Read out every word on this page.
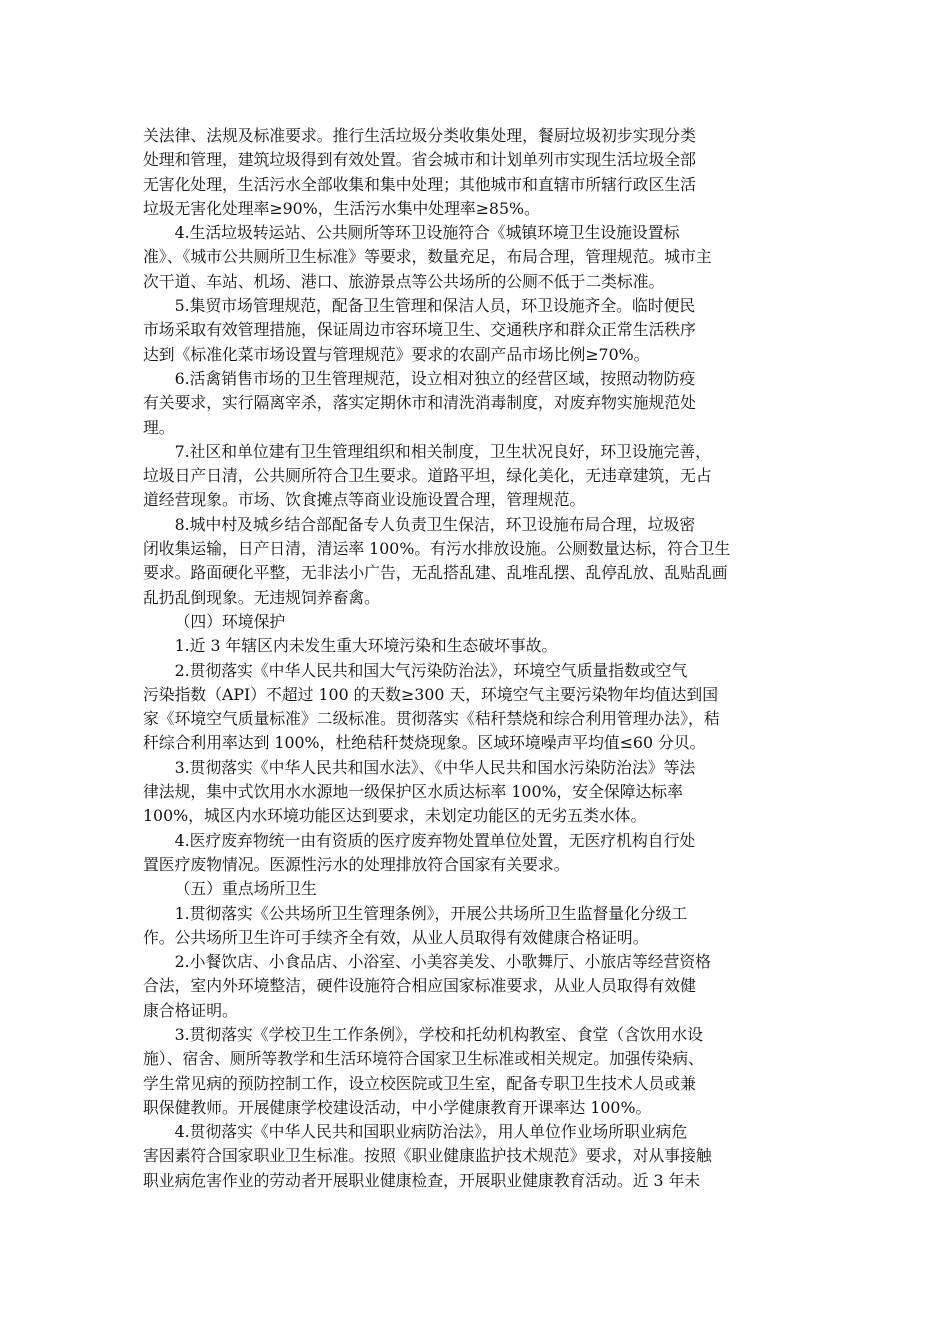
关法律、法规及标准要求。推行生活垃圾分类收集处理，餐厨垃圾初步实现分类
处理和管理，建筑垃圾得到有效处置。省会城市和计划单列市实现生活垃圾全部
无害化处理，生活污水全部收集和集中处理；其他城市和直辖市所辖行政区生活
垃圾无害化处理率≥90%，生活污水集中处理率≥85%。

4.生活垃圾转运站、公共厕所等环卫设施符合《城镇环境卫生设施设置标
准》、《城市公共厕所卫生标准》等要求，数量充足，布局合理，管理规范。城市主
次干道、车站、机场、港口、旅游景点等公共场所的公厕不低于二类标准。

5.集贸市场管理规范，配备卫生管理和保洁人员，环卫设施齐全。临时便民
市场采取有效管理措施，保证周边市容环境卫生、交通秩序和群众正常生活秩序
达到《标准化菜市场设置与管理规范》要求的农副产品市场比例≥70%。

6.活禽销售市场的卫生管理规范，设立相对独立的经营区域，按照动物防疫
有关要求，实行隔离宰杀，落实定期休市和清洗消毒制度，对废弃物实施规范处
理。

7.社区和单位建有卫生管理组织和相关制度，卫生状况良好，环卫设施完善，
垃圾日产日清，公共厕所符合卫生要求。道路平坦，绿化美化，无违章建筑，无占
道经营现象。市场、饮食摊点等商业设施设置合理，管理规范。

8.城中村及城乡结合部配备专人负责卫生保洁，环卫设施布局合理，垃圾密
闭收集运输，日产日清，清运率 100%。有污水排放设施。公厕数量达标，符合卫生
要求。路面硬化平整，无非法小广告，无乱搭乱建、乱堆乱摆、乱停乱放、乱贴乱画
乱扔乱倒现象。无违规饲养畜禽。

（四）环境保护

1.近 3 年辖区内未发生重大环境污染和生态破坏事故。

2.贯彻落实《中华人民共和国大气污染防治法》，环境空气质量指数或空气
污染指数（API）不超过 100 的天数≥300 天，环境空气主要污染物年均值达到国
家《环境空气质量标准》二级标准。贯彻落实《秸秆禁烧和综合利用管理办法》，秸
秆综合利用率达到 100%，杜绝秸秆焚烧现象。区域环境噪声平均值≤60 分贝。

3.贯彻落实《中华人民共和国水法》、《中华人民共和国水污染防治法》等法
律法规，集中式饮用水水源地一级保护区水质达标率 100%，安全保障达标率
100%，城区内水环境功能区达到要求，未划定功能区的无劣五类水体。

4.医疗废弃物统一由有资质的医疗废弃物处置单位处置，无医疗机构自行处
置医疗废物情况。医源性污水的处理排放符合国家有关要求。

（五）重点场所卫生

1.贯彻落实《公共场所卫生管理条例》，开展公共场所卫生监督量化分级工
作。公共场所卫生许可手续齐全有效，从业人员取得有效健康合格证明。

2.小餐饮店、小食品店、小浴室、小美容美发、小歌舞厅、小旅店等经营资格
合法，室内外环境整洁，硬件设施符合相应国家标准要求，从业人员取得有效健
康合格证明。

3.贯彻落实《学校卫生工作条例》，学校和托幼机构教室、食堂（含饮用水设
施）、宿舍、厕所等教学和生活环境符合国家卫生标准或相关规定。加强传染病、
学生常见病的预防控制工作，设立校医院或卫生室，配备专职卫生技术人员或兼
职保健教师。开展健康学校建设活动，中小学健康教育开课率达 100%。

4.贯彻落实《中华人民共和国职业病防治法》，用人单位作业场所职业病危
害因素符合国家职业卫生标准。按照《职业健康监护技术规范》要求，对从事接触
职业病危害作业的劳动者开展职业健康检查，开展职业健康教育活动。近 3 年未
